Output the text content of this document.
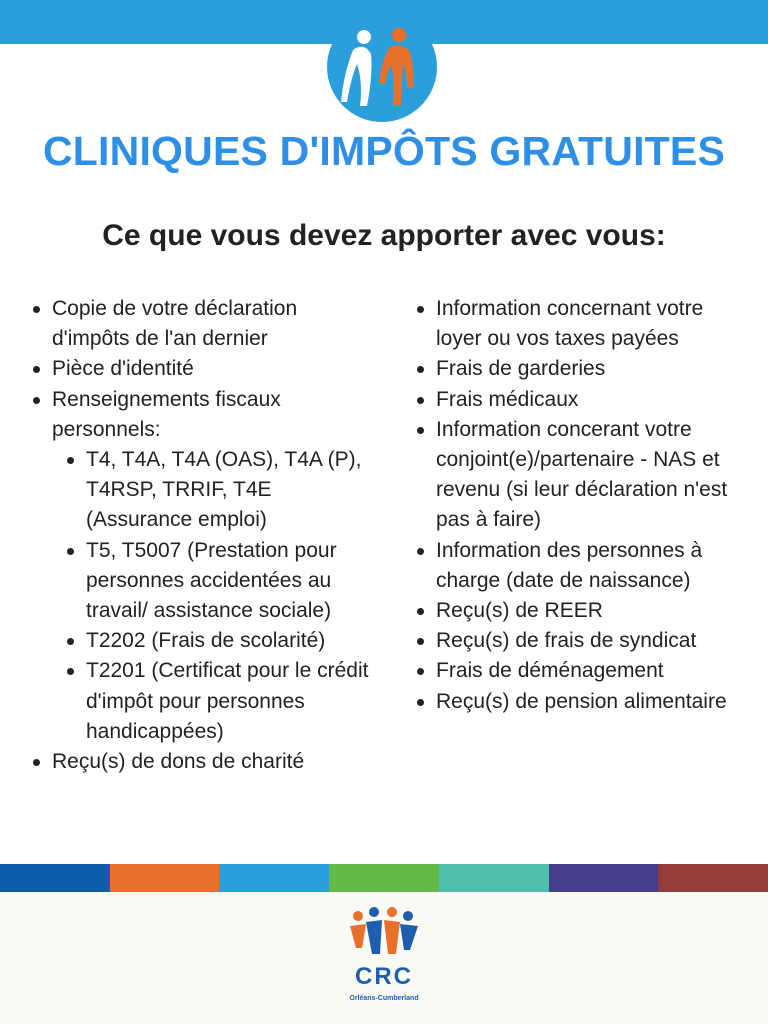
CLINIQUES D'IMPÔTS GRATUITES
Ce que vous devez apporter avec vous:
Copie de votre déclaration d'impôts de l'an dernier
Pièce d'identité
Renseignements fiscaux personnels:
T4, T4A, T4A (OAS), T4A (P), T4RSP, TRRIF, T4E (Assurance emploi)
T5, T5007 (Prestation pour personnes accidentées au travail/ assistance sociale)
T2202 (Frais de scolarité)
T2201 (Certificat pour le crédit d'impôt pour personnes handicappées)
Reçu(s) de dons de charité
Information concernant votre loyer ou vos taxes payées
Frais de garderies
Frais médicaux
Information concerant votre conjoint(e)/partenaire - NAS et revenu (si leur déclaration n'est pas à faire)
Information des personnes à charge (date de naissance)
Reçu(s) de REER
Reçu(s) de frais de syndicat
Frais de déménagement
Reçu(s) de pension alimentaire
CRC
Orléans-Cumberland
